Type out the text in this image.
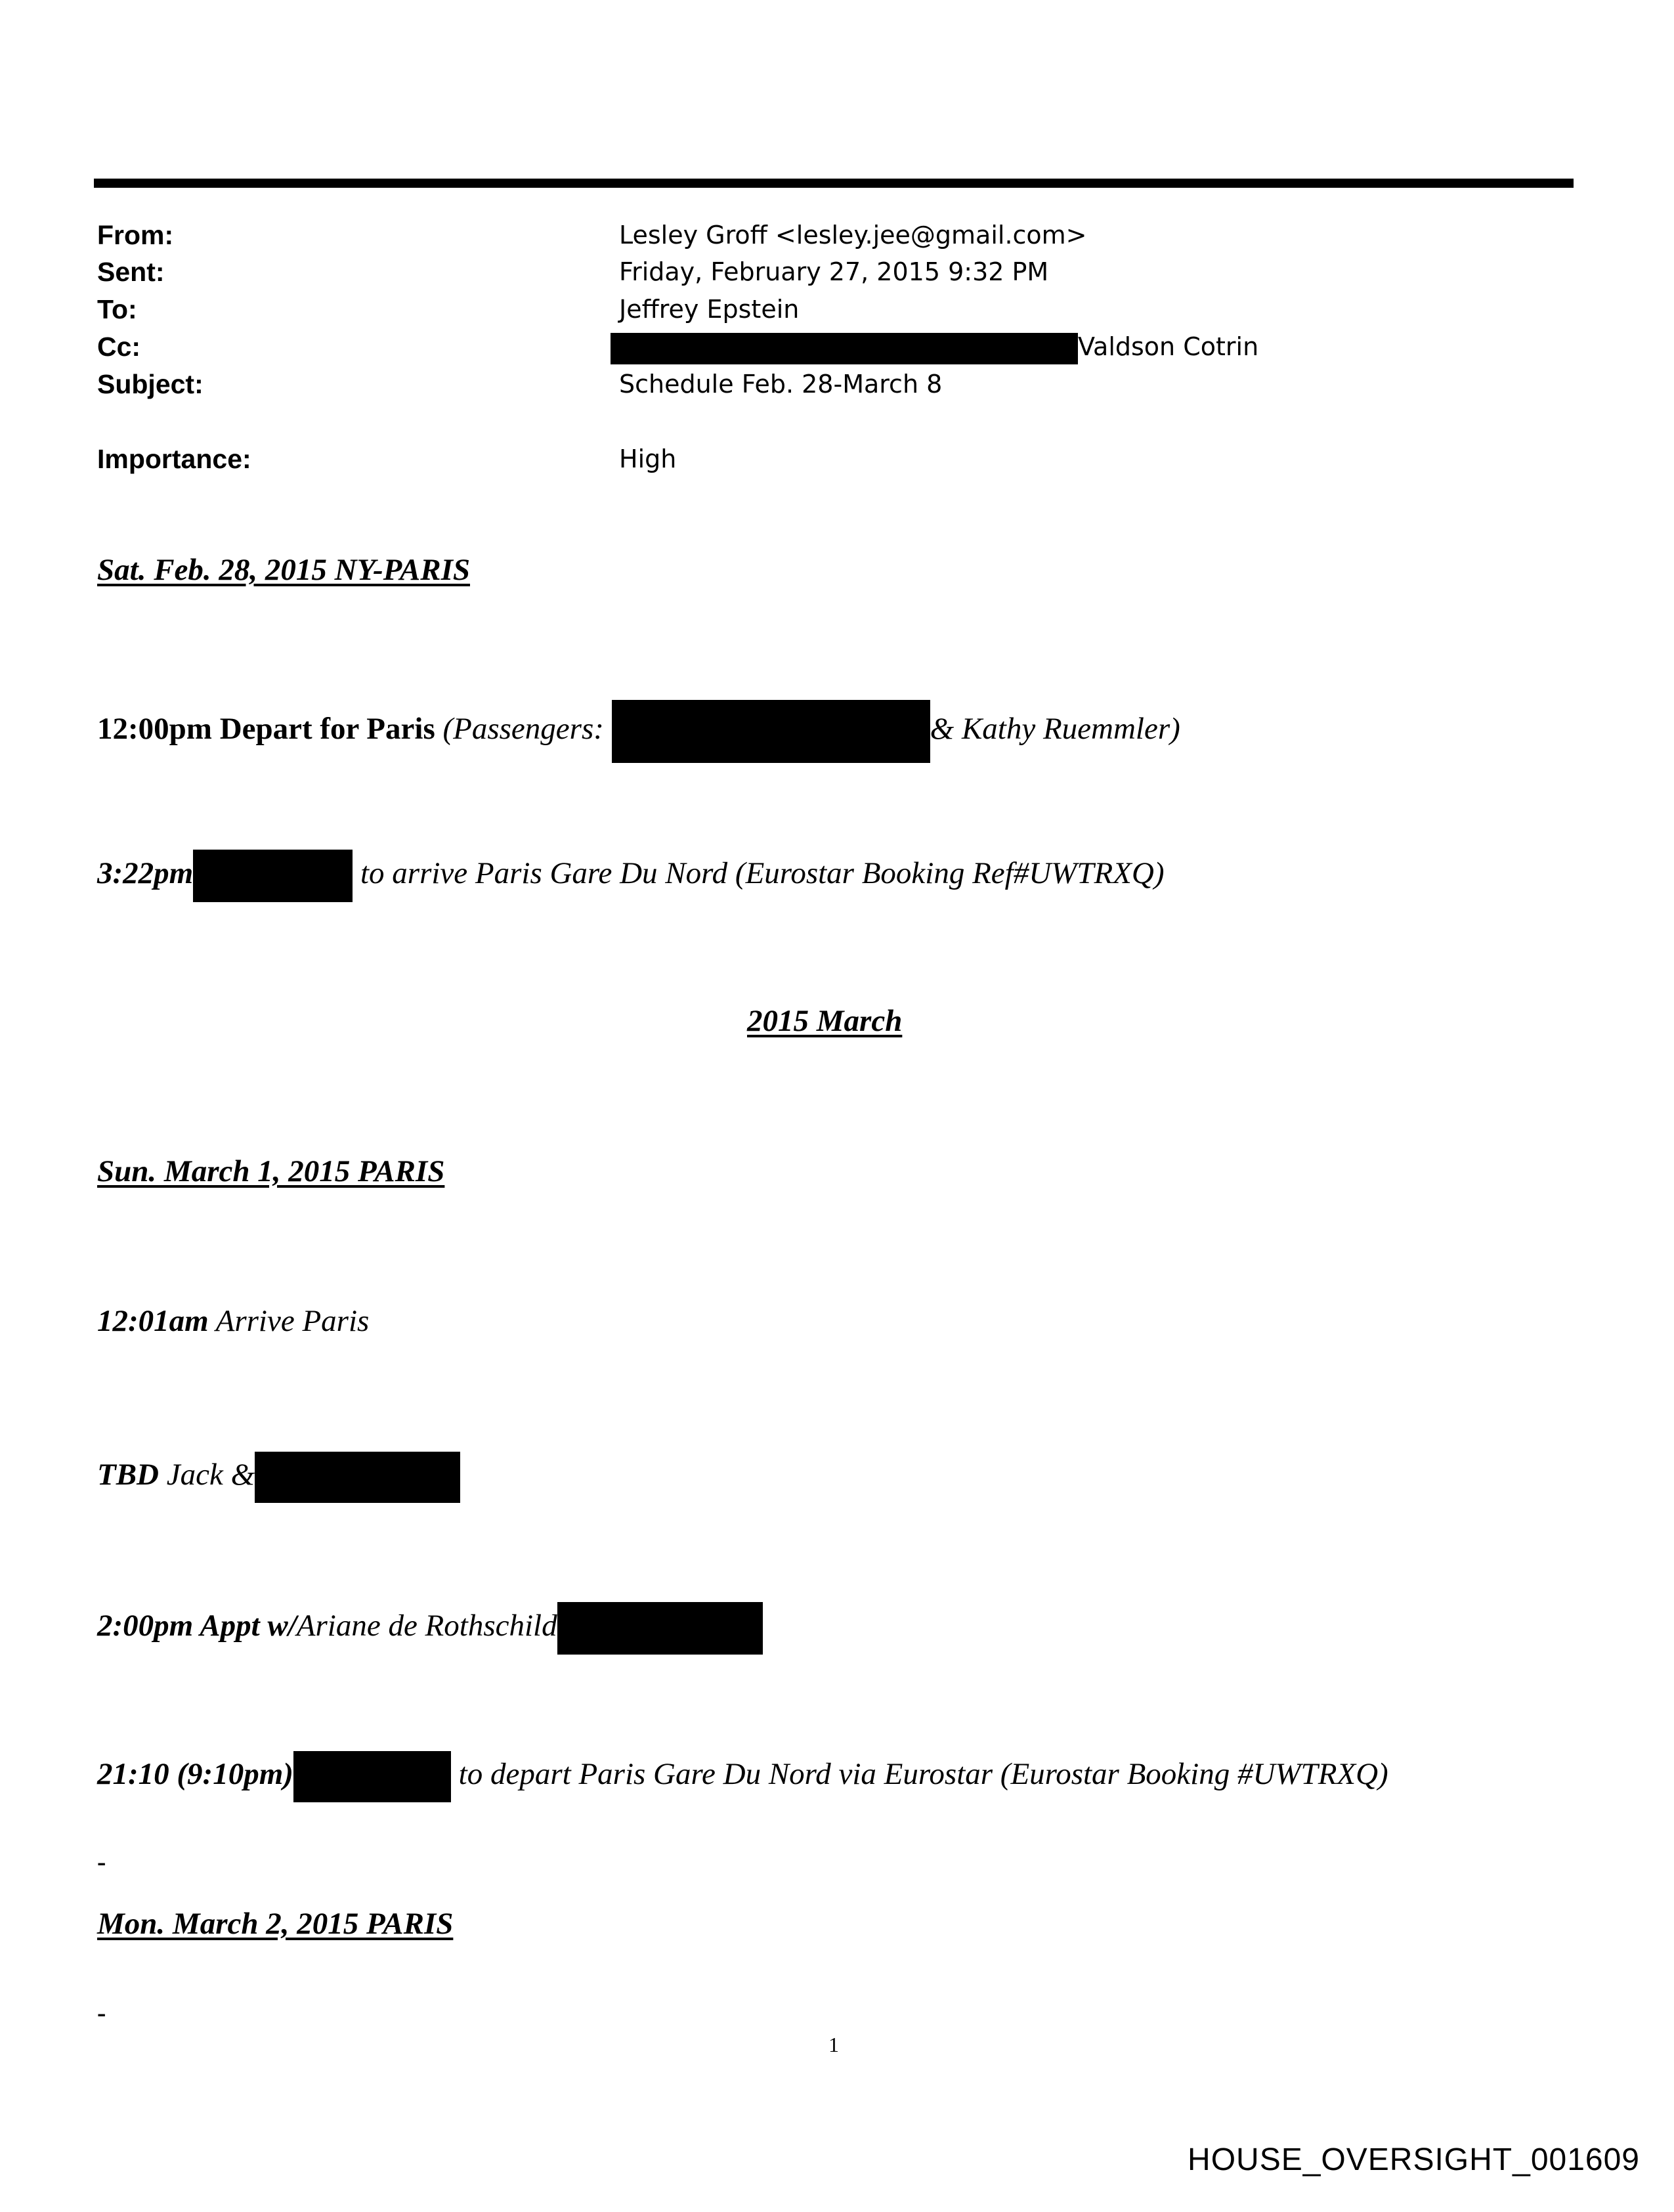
From:	Lesley Groff <lesley.jee@gmail.com>
Sent:	Friday, February 27, 2015 9:32 PM
To:	Jeffrey Epstein
Cc:	Valdson Cotrin
Subject:	Schedule Feb. 28-March 8
Importance:	High
Sat. Feb. 28, 2015 NY-PARIS
12:00pm Depart for Paris (Passengers:	& Kathy Ruemmler)
3:22pm	to arrive Paris Gare Du Nord (Eurostar Booking Ref#UWTRXQ)
2015 March
Sun. March 1, 2015 PARIS
12:01am Arrive Paris
TBD Jack &
2:00pm Appt w/Ariane de Rothschild
21:10 (9:10pm)	to depart Paris Gare Du Nord via Eurostar (Eurostar Booking #UWTRXQ)
-
Mon. March 2, 2015 PARIS
-
1
HOUSE_OVERSIGHT_001609
